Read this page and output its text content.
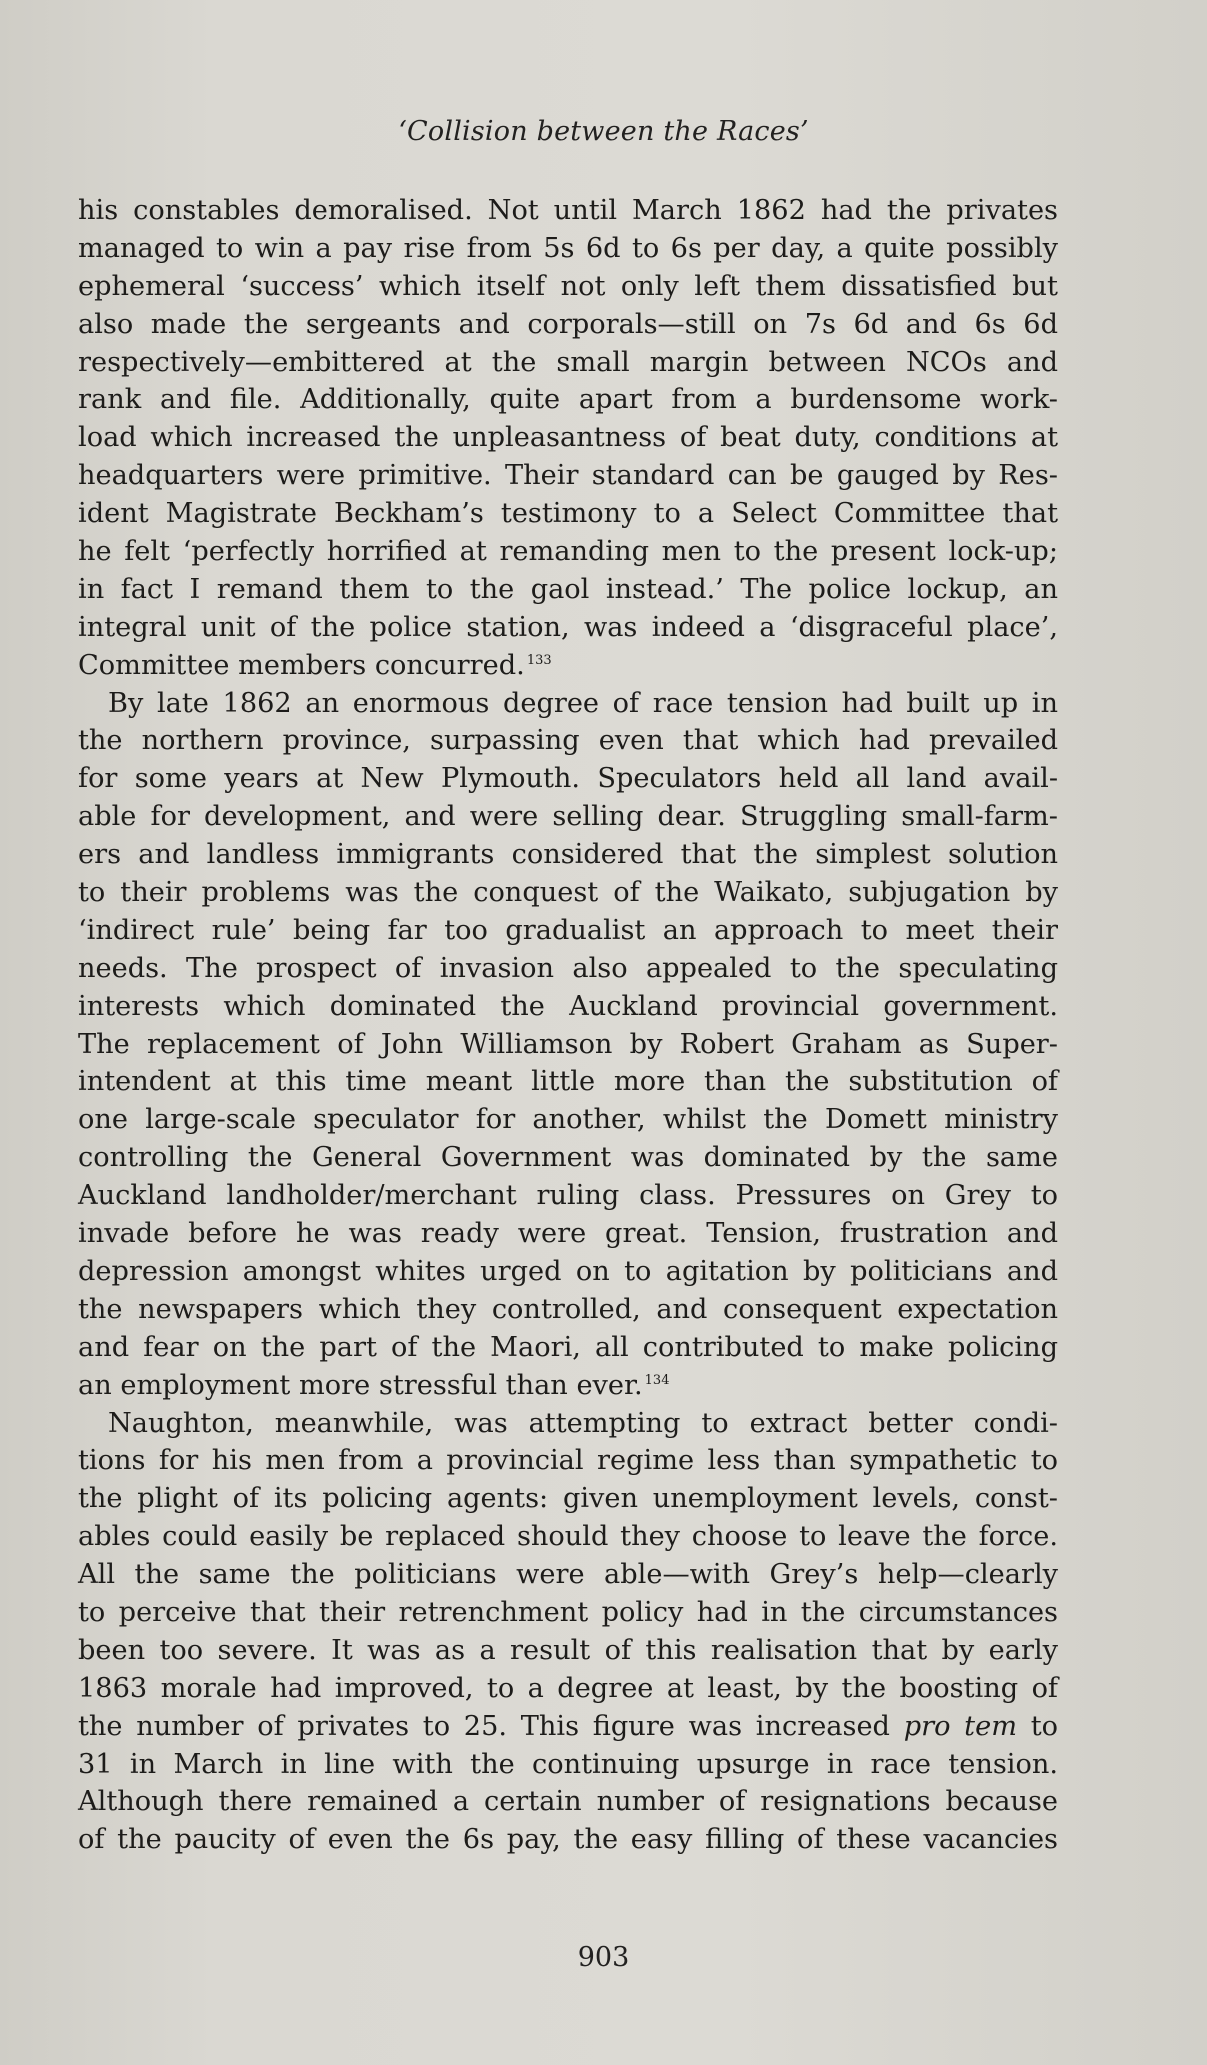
‘Collision between the Races’
his constables demoralised. Not until March 1862 had the privates
managed to win a pay rise from 5s 6d to 6s per day, a quite possibly
ephemeral ‘success’ which itself not only left them dissatisfied but
also made the sergeants and corporals—still on 7s 6d and 6s 6d
respectively—embittered at the small margin between NCOs and
rank and file. Additionally, quite apart from a burdensome work-
load which increased the unpleasantness of beat duty, conditions at
headquarters were primitive. Their standard can be gauged by Res-
ident Magistrate Beckham’s testimony to a Select Committee that
he felt ‘perfectly horrified at remanding men to the present lock-up;
in fact I remand them to the gaol instead.’ The police lockup, an
integral unit of the police station, was indeed a ‘disgraceful place’,
Committee members concurred. $^{133}$
By late 1862 an enormous degree of race tension had built up in
the northern province, surpassing even that which had prevailed
for some years at New Plymouth. Speculators held all land avail-
able for development, and were selling dear. Struggling small-farm-
ers and landless immigrants considered that the simplest solution
to their problems was the conquest of the Waikato, subjugation by
‘indirect rule’ being far too gradualist an approach to meet their
needs. The prospect of invasion also appealed to the speculating
interests which dominated the Auckland provincial government.
The replacement of John Williamson by Robert Graham as Super-
intendent at this time meant little more than the substitution of
one large-scale speculator for another, whilst the Domett ministry
controlling the General Government was dominated by the same
Auckland landholder/merchant ruling class. Pressures on Grey to
invade before he was ready were great. Tension, frustration and
depression amongst whites urged on to agitation by politicians and
the newspapers which they controlled, and consequent expectation
and fear on the part of the Maori, all contributed to make policing
an employment more stressful than ever. $^{134}$
Naughton, meanwhile, was attempting to extract better condi-
tions for his men from a provincial regime less than sympathetic to
the plight of its policing agents: given unemployment levels, const-
ables could easily be replaced should they choose to leave the force.
All the same the politicians were able—with Grey’s help—clearly
to perceive that their retrenchment policy had in the circumstances
been too severe. It was as a result of this realisation that by early
1863 morale had improved, to a degree at least, by the boosting of
the number of privates to 25. This figure was increased pro tem to
31 in March in line with the continuing upsurge in race tension.
Although there remained a certain number of resignations because
of the paucity of even the 6s pay, the easy filling of these vacancies
903
